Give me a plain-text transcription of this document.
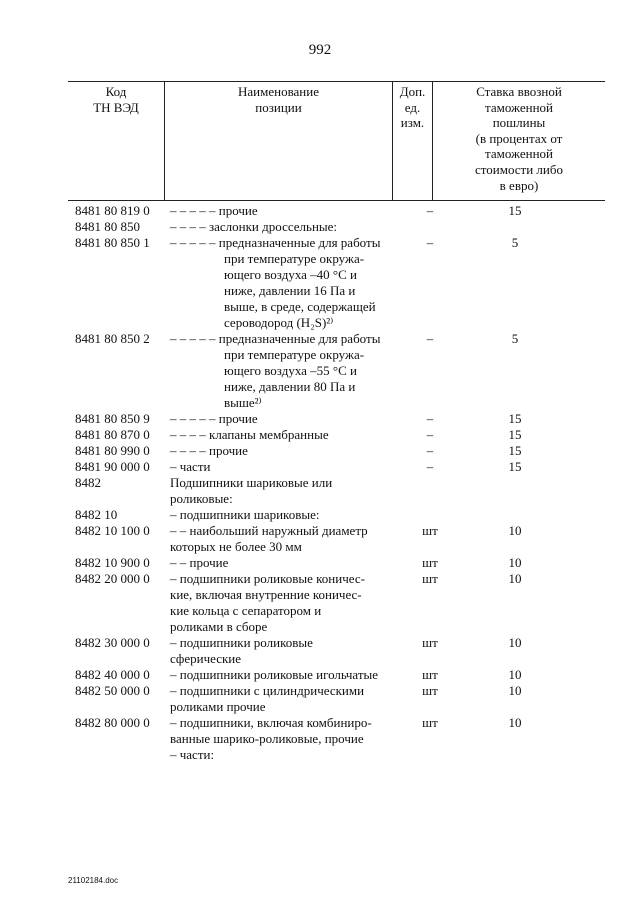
992
Код
ТН ВЭД
Наименование
позиции
Доп.
ед.
изм.
Ставка ввозной
таможенной
пошлины
(в процентах от
таможенной
стоимости либо
в евро)
8481 80 819 0	– – – – – прочие	–	15
8481 80 850	– – – – заслонки дроссельные:
8481 80 850 1	– – – – – предназначенные для работы
при температуре окружа-
ющего воздуха –40 °С и
ниже, давлении 16 Па и
выше, в среде, содержащей
сероводород (H₂S)²⁾
–	5
8481 80 850 2	– – – – – предназначенные для работы
при температуре окружа-
ющего воздуха –55 °С и
ниже, давлении 80 Па и
выше²⁾
–	5
8481 80 850 9	– – – – – прочие	–	15
8481 80 870 0	– – – – клапаны мембранные	–	15
8481 80 990 0	– – – – прочие	–	15
8481 90 000 0	– части	–	15
8482	Подшипники шариковые или
роликовые:
8482 10	– подшипники шариковые:
8482 10 100 0	– – наибольший наружный диаметр
которых не более 30 мм
шт	10
8482 10 900 0	– – прочие	шт	10
8482 20 000 0	– подшипники роликовые коничес-
кие, включая внутренние коничес-
кие кольца с сепаратором и
роликами в сборе
шт	10
8482 30 000 0	– подшипники роликовые
сферические
шт	10
8482 40 000 0	– подшипники роликовые игольчатые	шт	10
8482 50 000 0	– подшипники с цилиндрическими
роликами прочие
шт	10
8482 80 000 0	– подшипники, включая комбиниро-
ванные шарико-роликовые, прочие
шт	10
– части:
21102184.doc
